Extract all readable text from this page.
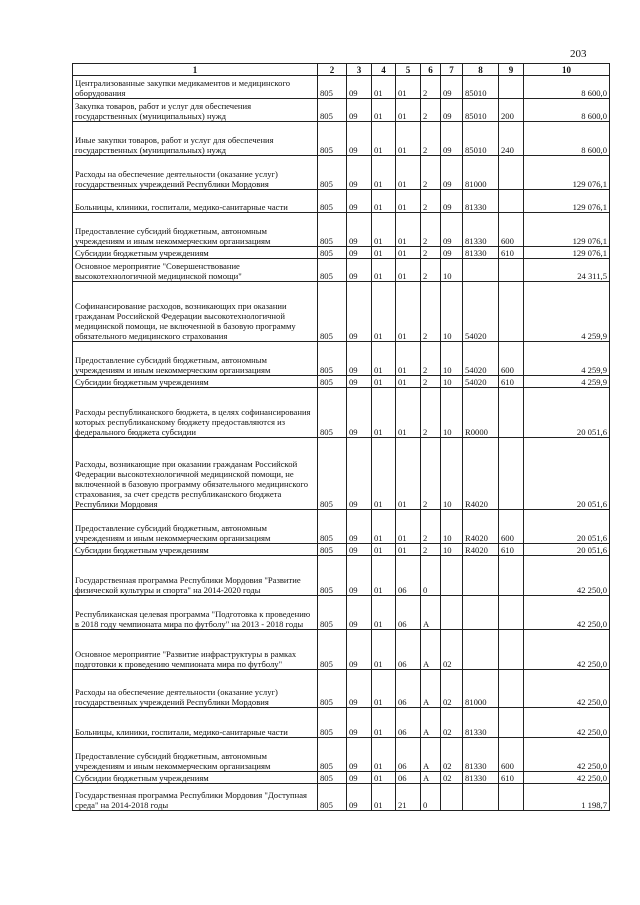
203
1	2	3	4	5	6	7	8	9	10
Централизованные закупки медикаментов и медицинского оборудования	805	09	01	01	2	09	85010		8 600,0
Закупка товаров, работ и услуг для обеспечения государственных (муниципальных) нужд	805	09	01	01	2	09	85010	200	8 600,0
Иные закупки товаров, работ и услуг для обеспечения государственных (муниципальных) нужд	805	09	01	01	2	09	85010	240	8 600,0
Расходы на обеспечение деятельности (оказание услуг) государственных учреждений Республики Мордовия	805	09	01	01	2	09	81000		129 076,1
Больницы, клиники, госпитали, медико-санитарные части	805	09	01	01	2	09	81330		129 076,1
Предоставление субсидий бюджетным, автономным учреждениям и иным некоммерческим организациям	805	09	01	01	2	09	81330	600	129 076,1
Субсидии бюджетным учреждениям	805	09	01	01	2	09	81330	610	129 076,1
Основное мероприятие "Совершенствование высокотехнологичной медицинской помощи"	805	09	01	01	2	10			24 311,5
Софинансирование расходов, возникающих при оказании гражданам Российской Федерации высокотехнологичной медицинской помощи, не включенной в базовую программу обязательного медицинского страхования	805	09	01	01	2	10	54020		4 259,9
Предоставление субсидий бюджетным, автономным учреждениям и иным некоммерческим организациям	805	09	01	01	2	10	54020	600	4 259,9
Субсидии бюджетным учреждениям	805	09	01	01	2	10	54020	610	4 259,9
Расходы республиканского бюджета, в целях софинансирования которых республиканскому бюджету предоставляются из федерального бюджета субсидии	805	09	01	01	2	10	R0000		20 051,6
Расходы, возникающие при оказании гражданам Российской Федерации высокотехнологичной медицинской помощи, не включенной в базовую программу обязательного медицинского страхования, за счет средств республиканского бюджета Республики Мордовия	805	09	01	01	2	10	R4020		20 051,6
Предоставление субсидий бюджетным, автономным учреждениям и иным некоммерческим организациям	805	09	01	01	2	10	R4020	600	20 051,6
Субсидии бюджетным учреждениям	805	09	01	01	2	10	R4020	610	20 051,6
Государственная программа Республики Мордовия "Развитие физической культуры и спорта" на 2014-2020 годы	805	09	01	06	0				42 250,0
Республиканская целевая программа "Подготовка к проведению в 2018 году чемпионата мира по футболу" на 2013 - 2018 годы	805	09	01	06	А				42 250,0
Основное мероприятие "Развитие инфраструктуры в рамках подготовки к проведению чемпионата мира по футболу"	805	09	01	06	А	02			42 250,0
Расходы на обеспечение деятельности (оказание услуг) государственных учреждений Республики Мордовия	805	09	01	06	А	02	81000		42 250,0
Больницы, клиники, госпитали, медико-санитарные части	805	09	01	06	А	02	81330		42 250,0
Предоставление субсидий бюджетным, автономным учреждениям и иным некоммерческим организациям	805	09	01	06	А	02	81330	600	42 250,0
Субсидии бюджетным учреждениям	805	09	01	06	А	02	81330	610	42 250,0
Государственная программа Республики Мордовия "Доступная среда" на 2014-2018 годы	805	09	01	21	0				1 198,7
